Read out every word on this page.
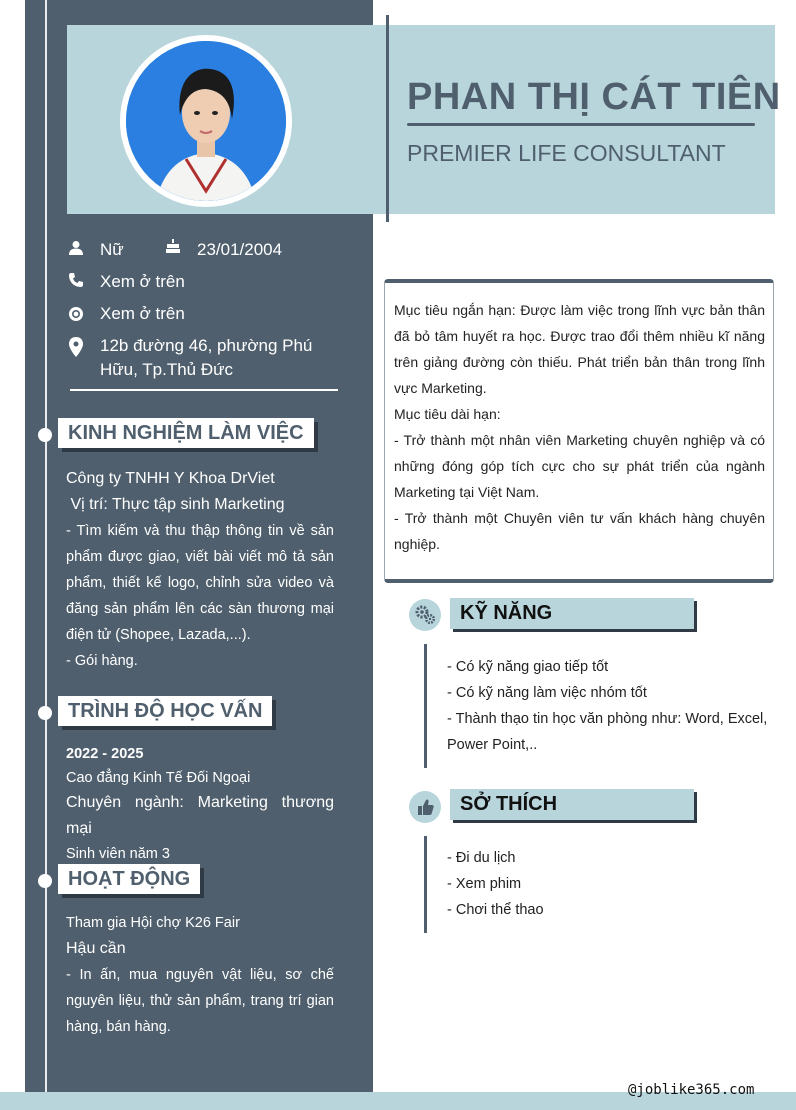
PHAN THỊ CÁT TIÊN
PREMIER LIFE CONSULTANT
Nữ	23/01/2004
Xem ở trên
Xem ở trên
12b đường 46, phường Phú Hữu, Tp.Thủ Đức
KINH NGHIỆM LÀM VIỆC
Công ty TNHH Y Khoa DrViet
Vị trí: Thực tập sinh Marketing
- Tìm kiếm và thu thập thông tin về sản phẩm được giao, viết bài viết mô tả sản phẩm, thiết kế logo, chỉnh sửa video và đăng sản phẩm lên các sàn thương mại điện tử (Shopee, Lazada,...).
- Gói hàng.
TRÌNH ĐỘ HỌC VẤN
2022 - 2025
Cao đẳng Kinh Tế Đối Ngoại
Chuyên ngành: Marketing thương mại
Sinh viên năm 3
HOẠT ĐỘNG
Tham gia Hội chợ K26 Fair
Hậu cần
- In ấn, mua nguyên vật liệu, sơ chế nguyên liệu, thử sản phẩm, trang trí gian hàng, bán hàng.
Mục tiêu ngắn hạn: Được làm việc trong lĩnh vực bản thân đã bỏ tâm huyết ra học. Được trao đổi thêm nhiều kĩ năng trên giảng đường còn thiếu. Phát triển bản thân trong lĩnh vực Marketing.
Mục tiêu dài hạn:
- Trở thành một nhân viên Marketing chuyên nghiệp và có những đóng góp tích cực cho sự phát triển của ngành Marketing tại Việt Nam.
- Trở thành một Chuyên viên tư vấn khách hàng chuyên nghiệp.
KỸ NĂNG
- Có kỹ năng giao tiếp tốt
- Có kỹ năng làm việc nhóm tốt
- Thành thạo tin học văn phòng như: Word, Excel, Power Point,..
SỞ THÍCH
- Đi du lịch
- Xem phim
- Chơi thể thao
@joblike365.com
